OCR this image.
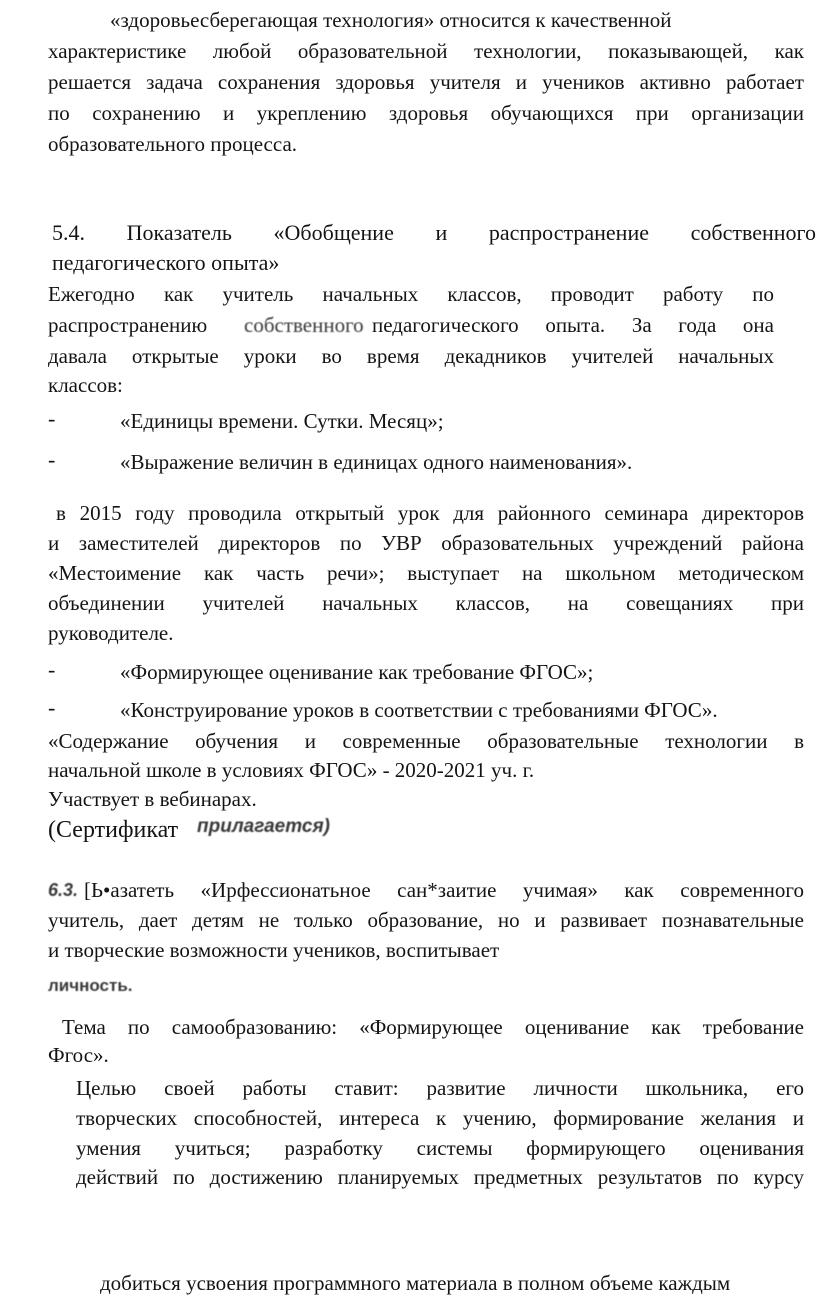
«здоровьесберегающая технология» относится к качественной
характеристике любой образовательной технологии, показывающей, как
решается задача сохранения здоровья учителя и учеников активно работает
по сохранению и укреплению здоровья обучающихся при организации
образовательного процесса.
5.4. Показатель «Обобщение и распространение собственного
педагогического опыта»
Ежегодно как учитель начальных классов, проводит работу по
распространению собственного педагогического опыта. За года она
давала открытые уроки во время декадников учителей начальных
классов:
-	«Единицы времени. Сутки. Месяц»;
-	«Выражение величин в единицах одного наименования».
в 2015 году проводила открытый урок для районного семинара директоров
и заместителей директоров по УВР образовательных учреждений района
«Местоимение как часть речи»; выступает на школьном методическом
объединении учителей начальных классов, на совещаниях при
руководителе.
-	«Формирующее оценивание как требование ФГОС»;
-	«Конструирование уроков в соответствии с требованиями ФГОС».
«Содержание обучения и современные образовательные технологии в
начальной школе в условиях ФГОС» - 2020-2021 уч. г.
Участвует в вебинарах.
(Сертификат прилагается)
6.3. [Ь•азатеть «Ирфессионатьное сан*заитие учимая» как современного
учитель, дает детям не только образование, но и развивает познавательные
и творческие возможности учеников, воспитывает
личность.
Тема по самообразованию: «Формирующее оценивание как требование
Фгос».
Целью своей работы ставит: развитие личности школьника, его
творческих способностей, интереса к учению, формирование желания и
умения учиться; разработку системы формирующего оценивания
действий по достижению планируемых предметных результатов по курсу
добиться усвоения программного материала в полном объеме каждым
